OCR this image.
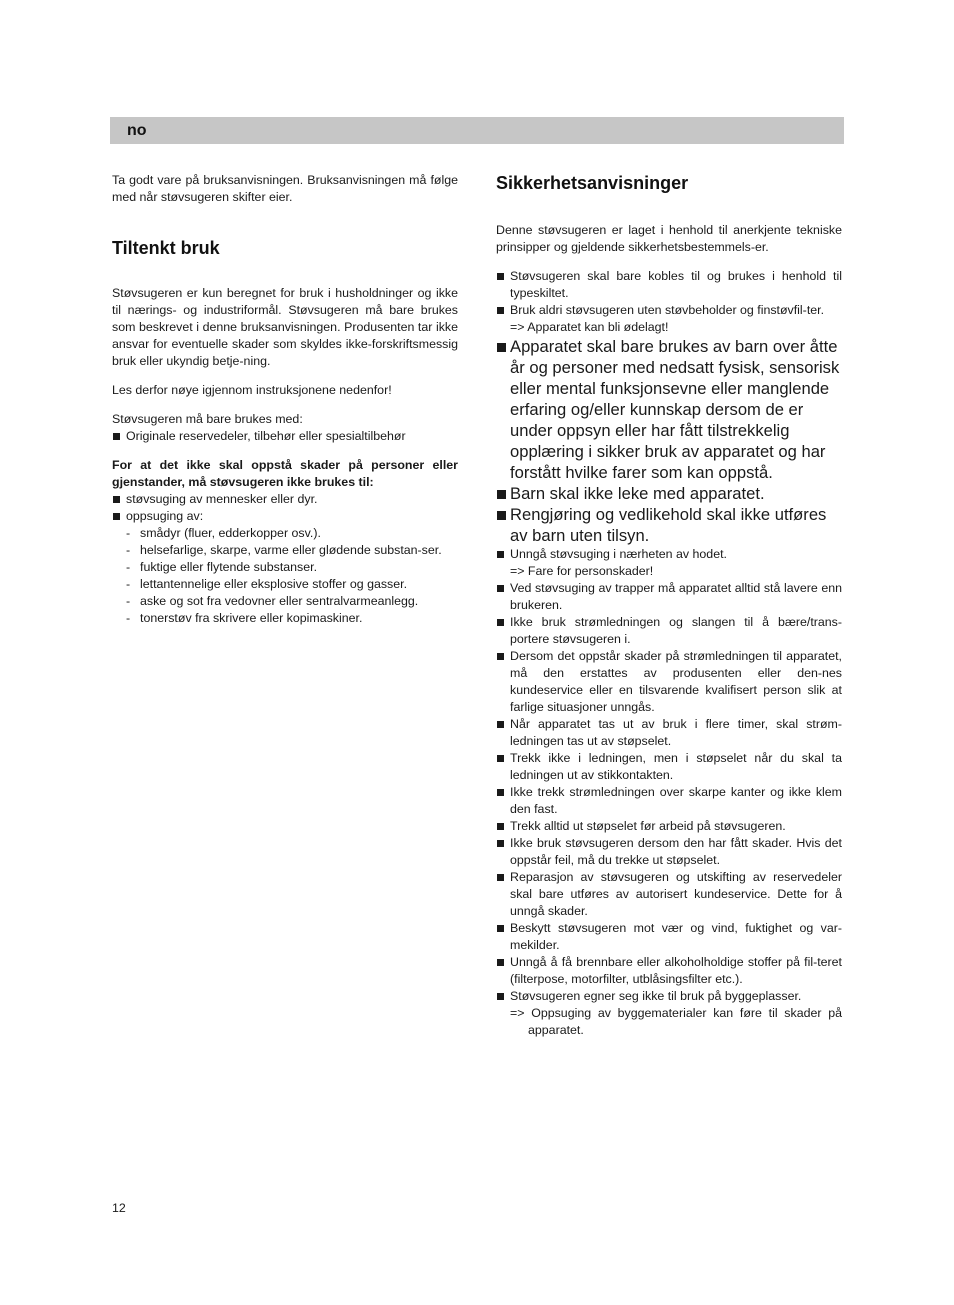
no

Ta godt vare på bruksanvisningen. Bruksanvisningen må følge med når støvsugeren skifter eier.

Tiltenkt bruk

Støvsugeren er kun beregnet for bruk i husholdninger og ikke til nærings- og industriformål. Støvsugeren må bare brukes som beskrevet i denne bruksanvisningen. Produsenten tar ikke ansvar for eventuelle skader som skyldes ikke-forskriftsmessig bruk eller ukyndig betje-ning.

Les derfor nøye igjennom instruksjonene nedenfor!

Støvsugeren må bare brukes med:

Originale reservedeler, tilbehør eller spesialtilbehør

For at det ikke skal oppstå skader på personer eller gjenstander, må støvsugeren ikke brukes til:

støvsuging av mennesker eller dyr.
oppsuging av:
- smådyr (fluer, edderkopper osv.).
- helsefarlige, skarpe, varme eller glødende substan-ser.
- fuktige eller flytende substanser.
- lettantennelige eller eksplosive stoffer og gasser.
- aske og sot fra vedovner eller sentralvarmeanlegg.
- tonerstøv fra skrivere eller kopimaskiner.
Sikkerhetsanvisninger

Denne støvsugeren er laget i henhold til anerkjente tekniske prinsipper og gjeldende sikkerhetsbestemmels-er.

Støvsugeren skal bare kobles til og brukes i henhold til typeskiltet.
Bruk aldri støvsugeren uten støvbeholder og finstøvfil-ter.
=> Apparatet kan bli ødelagt!
Apparatet skal bare brukes av barn over åtte år og personer med nedsatt fysisk, sensorisk eller mental funksjonsevne eller manglende erfaring og/eller kunnskap dersom de er under oppsyn eller har fått tilstrekkelig opplæring i sikker bruk av apparatet og har forstått hvilke farer som kan oppstå.
Barn skal ikke leke med apparatet.
Rengjøring og vedlikehold skal ikke utføres av barn uten tilsyn.
Unngå støvsuging i nærheten av hodet.
=> Fare for personskader!
Ved støvsuging av trapper må apparatet alltid stå lavere enn brukeren.
Ikke bruk strømledningen og slangen til å bære/trans-portere støvsugeren i.
Dersom det oppstår skader på strømledningen til apparatet, må den erstattes av produsenten eller den-nes kundeservice eller en tilsvarende kvalifisert person slik at farlige situasjoner unngås.
Når apparatet tas ut av bruk i flere timer, skal strøm-ledningen tas ut av støpselet.
Trekk ikke i ledningen, men i støpselet når du skal ta ledningen ut av stikkontakten.
Ikke trekk strømledningen over skarpe kanter og ikke klem den fast.
Trekk alltid ut støpselet før arbeid på støvsugeren.
Ikke bruk støvsugeren dersom den har fått skader. Hvis det oppstår feil, må du trekke ut støpselet.
Reparasjon av støvsugeren og utskifting av reservedeler skal bare utføres av autorisert kundeservice. Dette for å unngå skader.
Beskytt støvsugeren mot vær og vind, fuktighet og var-mekilder.
Unngå å få brennbare eller alkoholholdige stoffer på fil-teret (filterpose, motorfilter, utblåsingsfilter etc.).
Støvsugeren egner seg ikke til bruk på byggeplasser.
=> Oppsuging av byggematerialer kan føre til skader på apparatet.
12
